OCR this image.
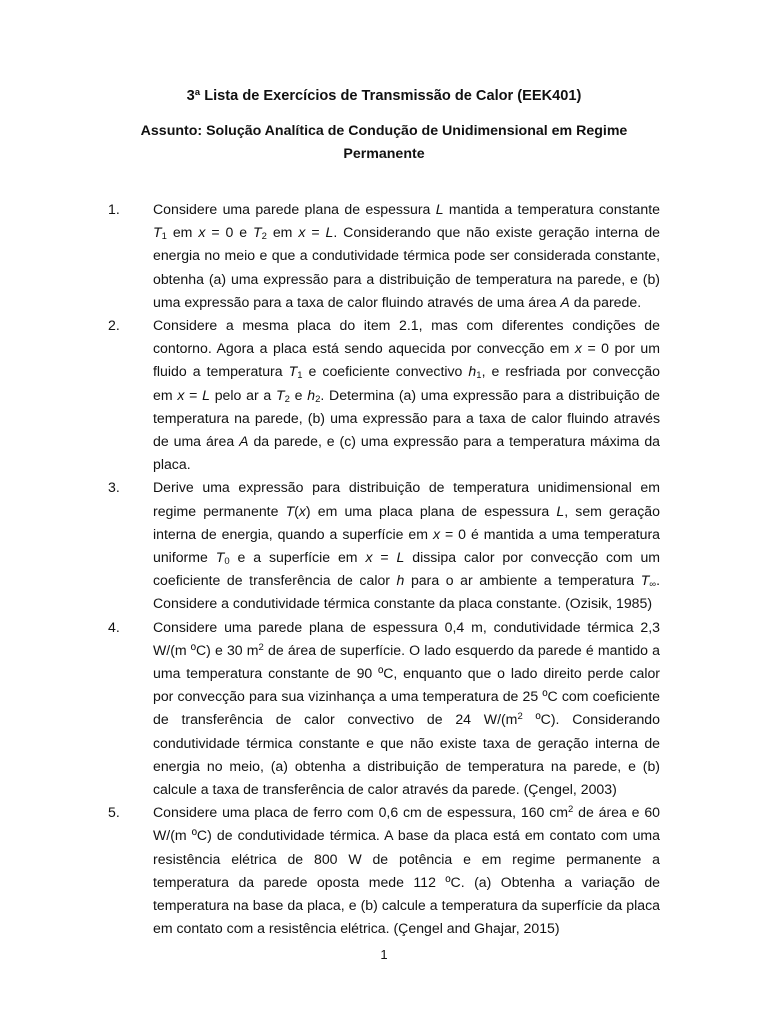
3ª Lista de Exercícios de Transmissão de Calor (EEK401)
Assunto: Solução Analítica de Condução de Unidimensional em Regime Permanente
1.	Considere uma parede plana de espessura L mantida a temperatura constante $T_1$ em x = 0 e $T_2$ em x = L. Considerando que não existe geração interna de energia no meio e que a condutividade térmica pode ser considerada constante, obtenha (a) uma expressão para a distribuição de temperatura na parede, e (b) uma expressão para a taxa de calor fluindo através de uma área A da parede.
2.	Considere a mesma placa do item 2.1, mas com diferentes condições de contorno. Agora a placa está sendo aquecida por convecção em x = 0 por um fluido a temperatura $T_1$ e coeficiente convectivo $h_1$, e resfriada por convecção em x = L pelo ar a $T_2$ e $h_2$. Determina (a) uma expressão para a distribuição de temperatura na parede, (b) uma expressão para a taxa de calor fluindo através de uma área A da parede, e (c) uma expressão para a temperatura máxima da placa.
3.	Derive uma expressão para distribuição de temperatura unidimensional em regime permanente T(x) em uma placa plana de espessura L, sem geração interna de energia, quando a superfície em x = 0 é mantida a uma temperatura uniforme $T_0$ e a superfície em x = L dissipa calor por convecção com um coeficiente de transferência de calor h para o ar ambiente a temperatura $T_\infty$. Considere a condutividade térmica constante da placa constante. (Ozisik, 1985)
4.	Considere uma parede plana de espessura 0,4 m, condutividade térmica 2,3 W/(m ºC) e 30 $m^2$ de área de superfície. O lado esquerdo da parede é mantido a uma temperatura constante de 90 ºC, enquanto que o lado direito perde calor por convecção para sua vizinhança a uma temperatura de 25 ºC com coeficiente de transferência de calor convectivo de 24 $W/(m^2$ ºC). Considerando condutividade térmica constante e que não existe taxa de geração interna de energia no meio, (a) obtenha a distribuição de temperatura na parede, e (b) calcule a taxa de transferência de calor através da parede. (Çengel, 2003)
5.	Considere uma placa de ferro com 0,6 cm de espessura, 160 $cm^2$ de área e 60 W/(m ºC) de condutividade térmica. A base da placa está em contato com uma resistência elétrica de 800 W de potência e em regime permanente a temperatura da parede oposta mede 112 ºC. (a) Obtenha a variação de temperatura na base da placa, e (b) calcule a temperatura da superfície da placa em contato com a resistência elétrica. (Çengel and Ghajar, 2015)
1
